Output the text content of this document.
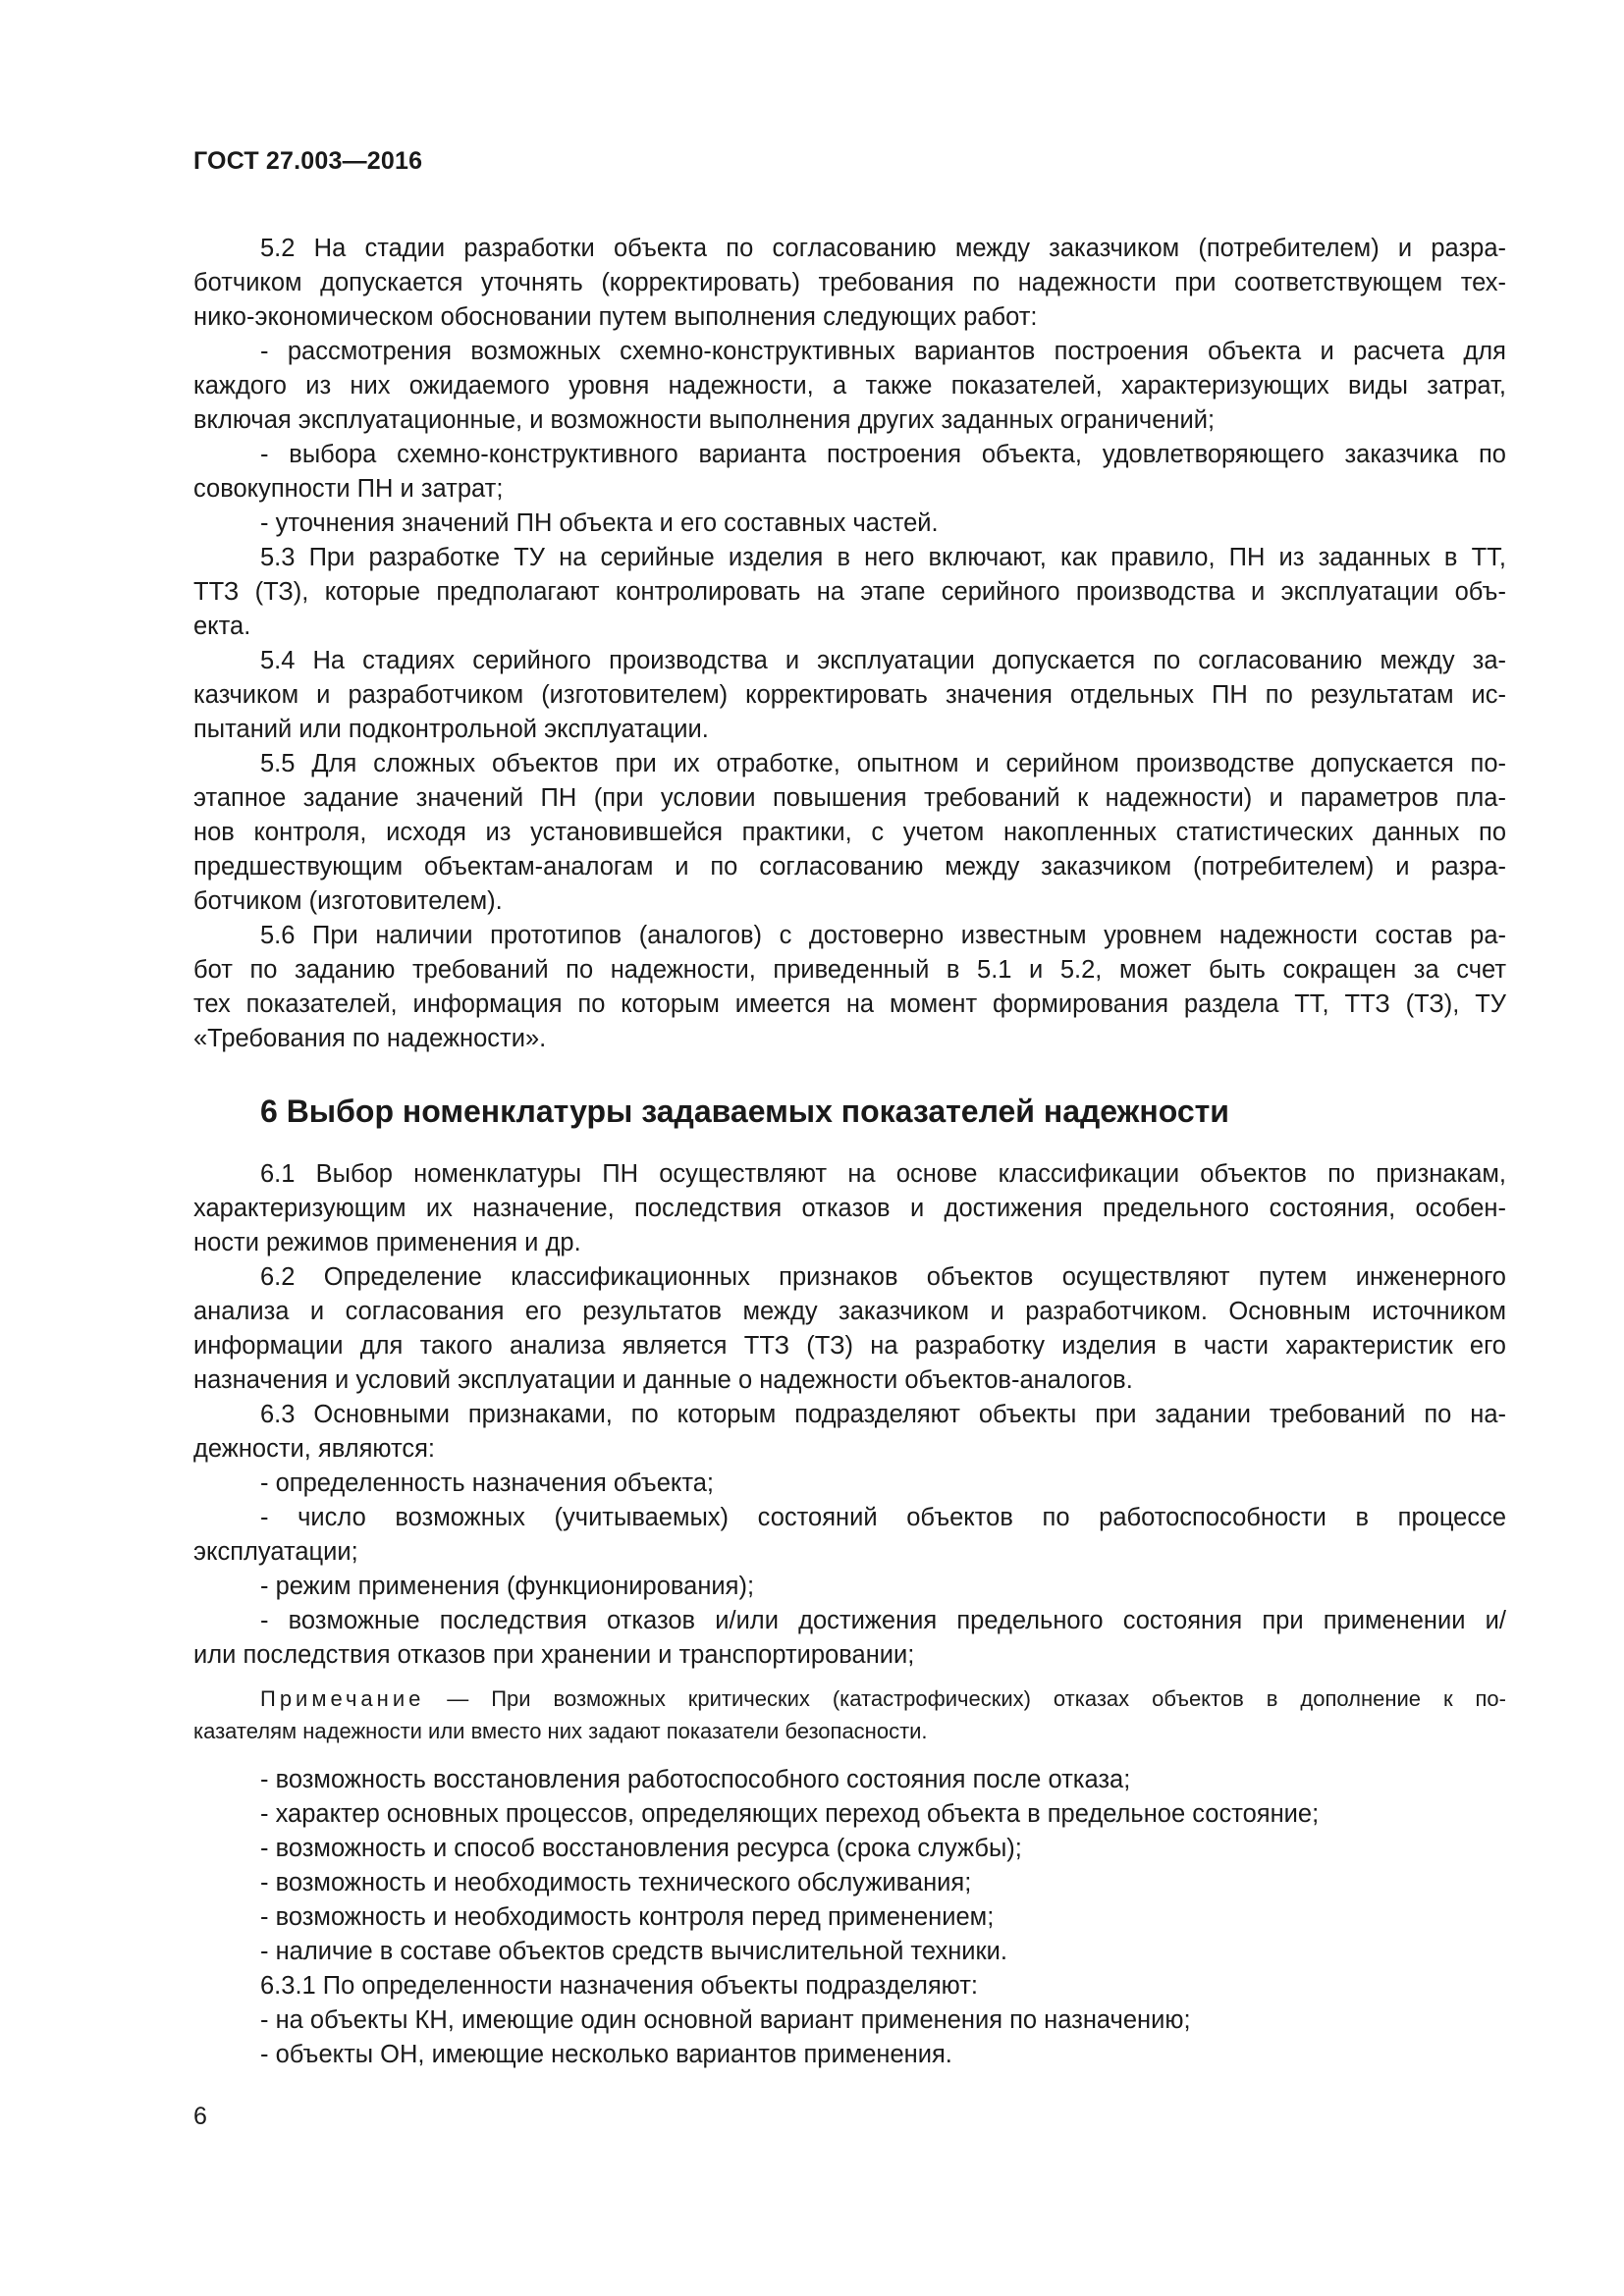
ГОСТ 27.003—2016
5.2 На стадии разработки объекта по согласованию между заказчиком (потребителем) и разра-
ботчиком допускается уточнять (корректировать) требования по надежности при соответствующем тех-
нико-экономическом обосновании путем выполнения следующих работ:
- рассмотрения возможных схемно-конструктивных вариантов построения объекта и расчета для
каждого из них ожидаемого уровня надежности, а также показателей, характеризующих виды затрат,
включая эксплуатационные, и возможности выполнения других заданных ограничений;
- выбора схемно-конструктивного варианта построения объекта, удовлетворяющего заказчика по
совокупности ПН и затрат;
- уточнения значений ПН объекта и его составных частей.
5.3 При разработке ТУ на серийные изделия в него включают, как правило, ПН из заданных в ТТ,
ТТЗ (ТЗ), которые предполагают контролировать на этапе серийного производства и эксплуатации объ-
екта.
5.4 На стадиях серийного производства и эксплуатации допускается по согласованию между за-
казчиком и разработчиком (изготовителем) корректировать значения отдельных ПН по результатам ис-
пытаний или подконтрольной эксплуатации.
5.5 Для сложных объектов при их отработке, опытном и серийном производстве допускается по-
этапное задание значений ПН (при условии повышения требований к надежности) и параметров пла-
нов контроля, исходя из установившейся практики, с учетом накопленных статистических данных по
предшествующим объектам-аналогам и по согласованию между заказчиком (потребителем) и разра-
ботчиком (изготовителем).
5.6 При наличии прототипов (аналогов) с достоверно известным уровнем надежности состав ра-
бот по заданию требований по надежности, приведенный в 5.1 и 5.2, может быть сокращен за счет
тех показателей, информация по которым имеется на момент формирования раздела ТТ, ТТЗ (ТЗ), ТУ
«Требования по надежности».
6 Выбор номенклатуры задаваемых показателей надежности
6.1 Выбор номенклатуры ПН осуществляют на основе классификации объектов по признакам,
характеризующим их назначение, последствия отказов и достижения предельного состояния, особен-
ности режимов применения и др.
6.2 Определение классификационных признаков объектов осуществляют путем инженерного
анализа и согласования его результатов между заказчиком и разработчиком. Основным источником
информации для такого анализа является ТТЗ (ТЗ) на разработку изделия в части характеристик его
назначения и условий эксплуатации и данные о надежности объектов-аналогов.
6.3 Основными признаками, по которым подразделяют объекты при задании требований по на-
дежности, являются:
- определенность назначения объекта;
- число возможных (учитываемых) состояний объектов по работоспособности в процессе
эксплуатации;
- режим применения (функционирования);
- возможные последствия отказов и/или достижения предельного состояния при применении и/
или последствия отказов при хранении и транспортировании;
Примечание — При возможных критических (катастрофических) отказах объектов в дополнение к по-
казателям надежности или вместо них задают показатели безопасности.
- возможность восстановления работоспособного состояния после отказа;
- характер основных процессов, определяющих переход объекта в предельное состояние;
- возможность и способ восстановления ресурса (срока службы);
- возможность и необходимость технического обслуживания;
- возможность и необходимость контроля перед применением;
- наличие в составе объектов средств вычислительной техники.
6.3.1 По определенности назначения объекты подразделяют:
- на объекты КН, имеющие один основной вариант применения по назначению;
- объекты ОН, имеющие несколько вариантов применения.
6
